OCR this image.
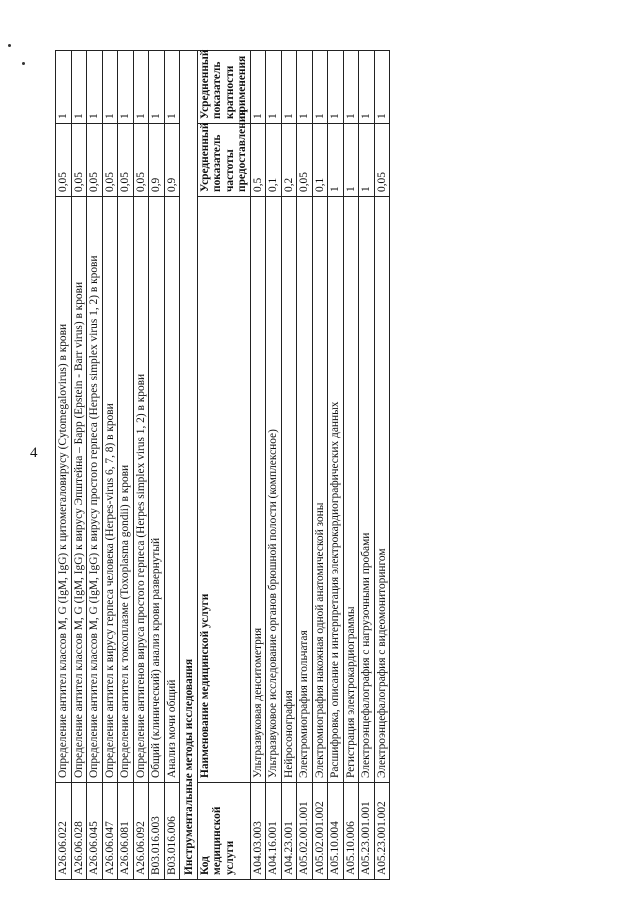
4
A26.06.022	Определение антител классов M, G (IgM, IgG) к цитомегаловирусу (Cytomegalovirus) в крови	0,05	1
A26.06.028	Определение антител классов M, G (IgM, IgG) к вирусу Эпштейна – Барр (Epstein - Barr virus) в крови	0,05	1
A26.06.045	Определение антител классов M, G (IgM, IgG) к вирусу простого герпеса (Herpes simplex virus 1, 2) в крови	0,05	1
A26.06.047	Определение антител к вирусу герпеса человека (Herpes-virus 6, 7, 8) в крови	0,05	1
A26.06.081	Определение антител к токсоплазме (Toxoplasma gondii) в крови	0,05	1
A26.06.092	Определение антигенов вируса простого герпеса (Herpes simplex virus 1, 2) в крови	0,05	1
B03.016.003	Общий (клинический) анализ крови развернутый	0,9	1
B03.016.006	Анализ мочи общий	0,9	1
Инструментальные методы исследования			
Код медицинской услуги	Наименование медицинской услуги	Усредненный показатель частоты предоставления	Усредненный показатель кратности применения
A04.03.003	Ультразвуковая денситометрия	0,5	1
A04.16.001	Ультразвуковое исследование органов брюшной полости (комплексное)	0,1	1
A04.23.001	Нейросонография	0,2	1
A05.02.001.001	Электромиография игольчатая	0,05	1
A05.02.001.002	Электромиография накожная одной анатомической зоны	0,1	1
A05.10.004	Расшифровка, описание и интерпретация электрокардиографических данных	1	1
A05.10.006	Регистрация электрокардиограммы	1	1
A05.23.001.001	Электроэнцефалография с нагрузочными пробами	1	1
A05.23.001.002	Электроэнцефалография с видеомониторингом	0,05	1
